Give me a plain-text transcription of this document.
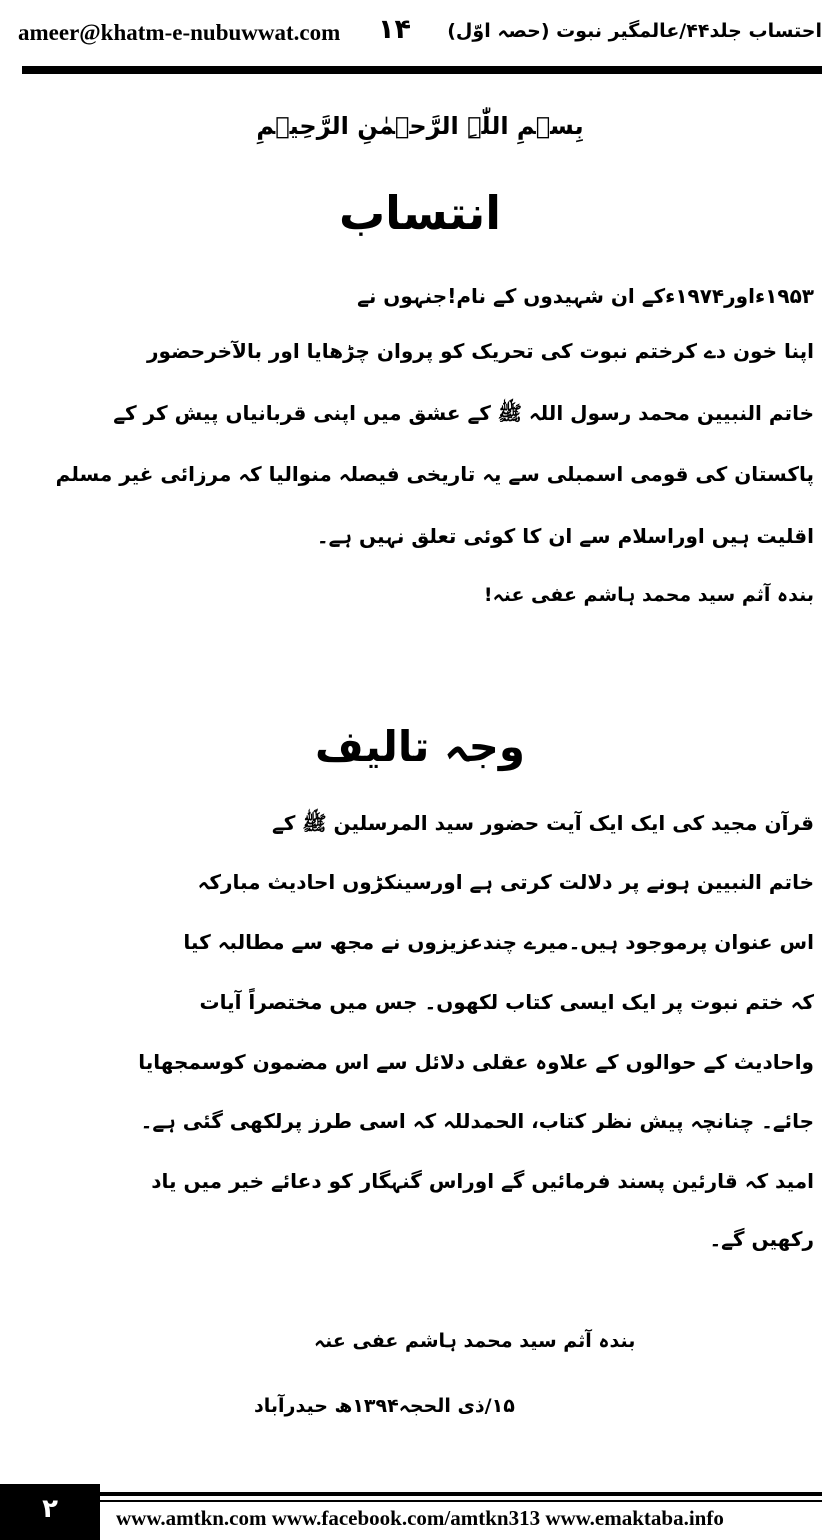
ameer@khatm-e-nubuwwat.com ۱۴ احتساب جلد۴۴/عالمگیر نبوت (حصہ اوّل)
بِسۡمِ اللّٰہِ الرَّحۡمٰنِ الرَّحِیۡمِ
انتساب
۱۹۵۳ءاور۱۹۷۴ءکے ان شہیدوں کے نام!جنہوں نے
اپنا خون دے کرختم نبوت کی تحریک کو پروان چڑھایا اور بالآخرحضور
خاتم النبیین محمد رسول اللہ ﷺ کے عشق میں اپنی قربانیاں پیش کر کے
پاکستان کی قومی اسمبلی سے یہ تاریخی فیصلہ منوالیا کہ مرزائی غیر مسلم
اقلیت ہیں اوراسلام سے ان کا کوئی تعلق نہیں ہے۔
بندہ آثم سید محمد ہاشم عفی عنہ!
وجہ تالیف
قرآن مجید کی ایک ایک آیت حضور سید المرسلین ﷺ کے
خاتم النبیین ہونے پر دلالت کرتی ہے اورسینکڑوں احادیث مبارکہ
اس عنوان پرموجود ہیں۔میرے چندعزیزوں نے مجھ سے مطالبہ کیا
کہ ختم نبوت پر ایک ایسی کتاب لکھوں۔ جس میں مختصراً آیات
واحادیث کے حوالوں کے علاوہ عقلی دلائل سے اس مضمون کوسمجھایا
جائے۔ چنانچہ پیش نظر کتاب، الحمدللہ کہ اسی طرز پرلکھی گئی ہے۔
امید کہ قارئین پسند فرمائیں گے اوراس گنہگار کو دعائے خیر میں یاد
رکھیں گے۔
بندہ آثم سید محمد ہاشم عفی عنہ
۱۵/ذی الحجہ۱۳۹۴ھ حیدرآباد
۲	www.amtkn.com www.facebook.com/amtkn313 www.emaktaba.info
